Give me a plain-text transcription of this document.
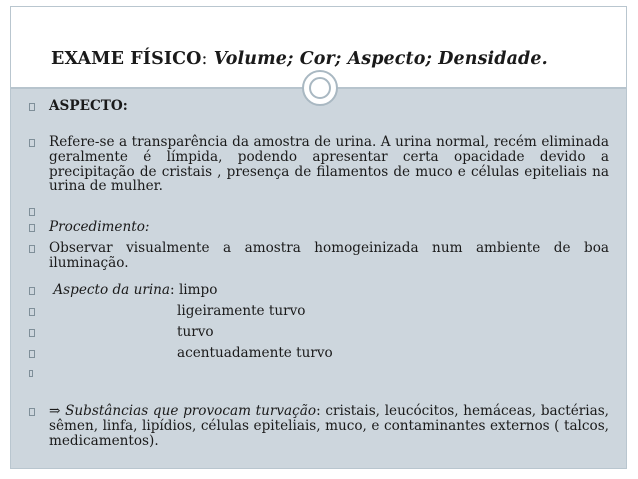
EXAME FÍSICO: Volume; Cor; Aspecto; Densidade.
ASPECTO:
Refere-se a transparência da amostra de urina. A urina normal, recém eliminada geralmente é límpida, podendo apresentar certa opacidade devido a precipitação de cristais , presença de filamentos de muco e células epiteliais na urina de mulher.
Procedimento:
Observar visualmente a amostra homogeinizada num ambiente de boa iluminação.
Aspecto da urina: limpo
ligeiramente turvo
turvo
acentuadamente turvo
⇒ Substâncias que provocam turvação: cristais, leucócitos, hemáceas, bactérias, sêmen, linfa, lipídios, células epiteliais, muco, e contaminantes externos ( talcos, medicamentos).
